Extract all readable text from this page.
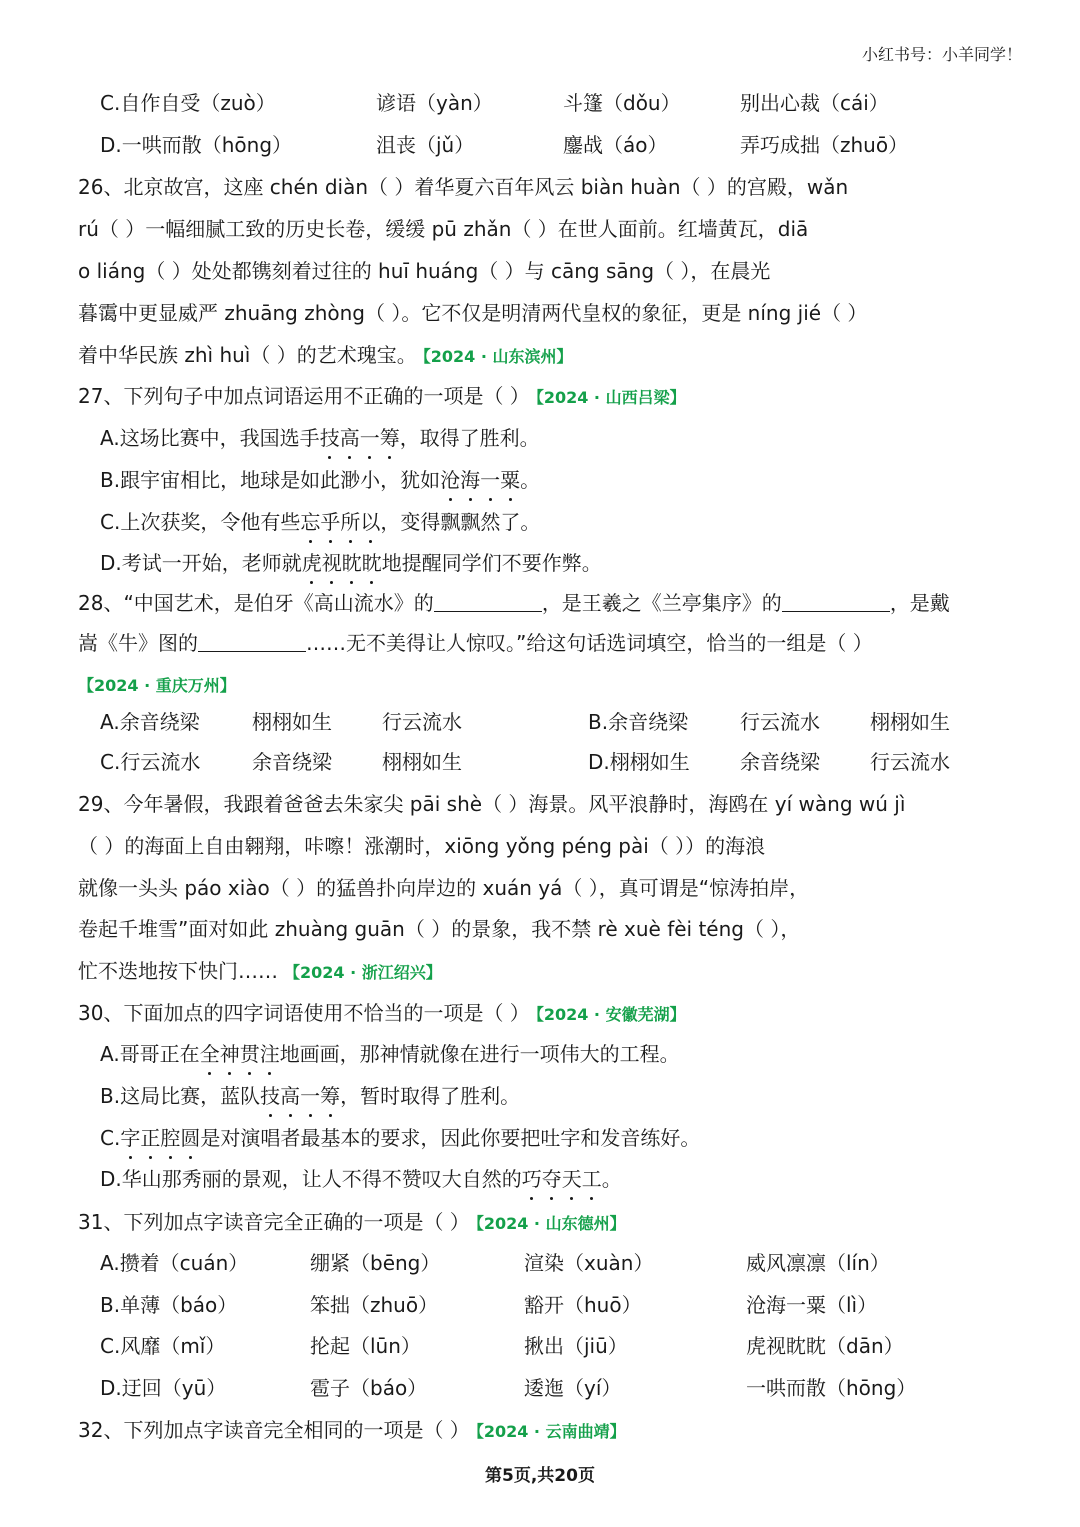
小红书号：小羊同学！
C.自作自受（zuò）	谚语（yàn）	斗篷（dǒu）	别出心裁（cái）
D.一哄而散（hōng）	沮丧（jǔ）	鏖战（áo）	弄巧成拙（zhuō）
26、北京故宫，这座 chén diàn（ ）着华夏六百年风云 biàn huàn（ ）的宫殿，wǎn
rú（ ）一幅细腻工致的历史长卷，缓缓 pū zhǎn（ ）在世人面前。红墙黄瓦，diā
o liáng（ ）处处都镌刻着过往的 huī huáng（ ）与 cāng sāng（ ），在晨光
暮霭中更显威严 zhuāng zhòng（ ）。它不仅是明清两代皇权的象征，更是 níng jié（ ）
着中华民族 zhì huì（ ）的艺术瑰宝。 【2024 · 山东滨州】
27、下列句子中加点词语运用不正确的一项是（ ） 【2024 · 山西吕梁】
A.这场比赛中，我国选手技高一筹，取得了胜利。
B.跟宇宙相比，地球是如此渺小，犹如沧海一粟。
C.上次获奖，令他有些忘乎所以，变得飘飘然了。
D.考试一开始，老师就虎视眈眈地提醒同学们不要作弊。
28、“中国艺术，是伯牙《高山流水》的	，是王羲之《兰亭集序》的	，是戴
嵩《牛》图的	……无不美得让人惊叹。”给这句话选词填空，恰当的一组是（ ）
【2024 · 重庆万州】
A.余音绕梁	栩栩如生	行云流水	B.余音绕梁	行云流水	栩栩如生
C.行云流水	余音绕梁	栩栩如生	D.栩栩如生	余音绕梁	行云流水
29、今年暑假，我跟着爸爸去朱家尖 pāi shè（ ）海景。风平浪静时，海鸥在 yí wàng wú jì
（ ）的海面上自由翱翔，咔嚓！涨潮时，xiōng yǒng péng pài（ ））的海浪
就像一头头 páo xiào（ ）的猛兽扑向岸边的 xuán yá（ ），真可谓是“惊涛拍岸，
卷起千堆雪”面对如此 zhuàng guān（ ）的景象，我不禁 rè xuè fèi téng（ ），
忙不迭地按下快门…… 【2024 · 浙江绍兴】
30、下面加点的四字词语使用不恰当的一项是（ ） 【2024 · 安徽芜湖】
A.哥哥正在全神贯注地画画，那神情就像在进行一项伟大的工程。
B.这局比赛，蓝队技高一筹，暂时取得了胜利。
C.字正腔圆是对演唱者最基本的要求，因此你要把吐字和发音练好。
D.华山那秀丽的景观，让人不得不赞叹大自然的巧夺天工。
31、下列加点字读音完全正确的一项是（ ） 【2024 · 山东德州】
A.攒着（cuán）	绷紧（bēng）	渲染（xuàn）	威风凛凛（lín）
B.单薄（báo）	笨拙（zhuō）	豁开（huō）	沧海一粟（lì）
C.风靡（mǐ）	抡起（lūn）	揪出（jiū）	虎视眈眈（dān）
D.迂回（yū）	雹子（báo）	逶迤（yí）	一哄而散（hōng）
32、下列加点字读音完全相同的一项是（ ） 【2024 · 云南曲靖】
第5页,共20页
